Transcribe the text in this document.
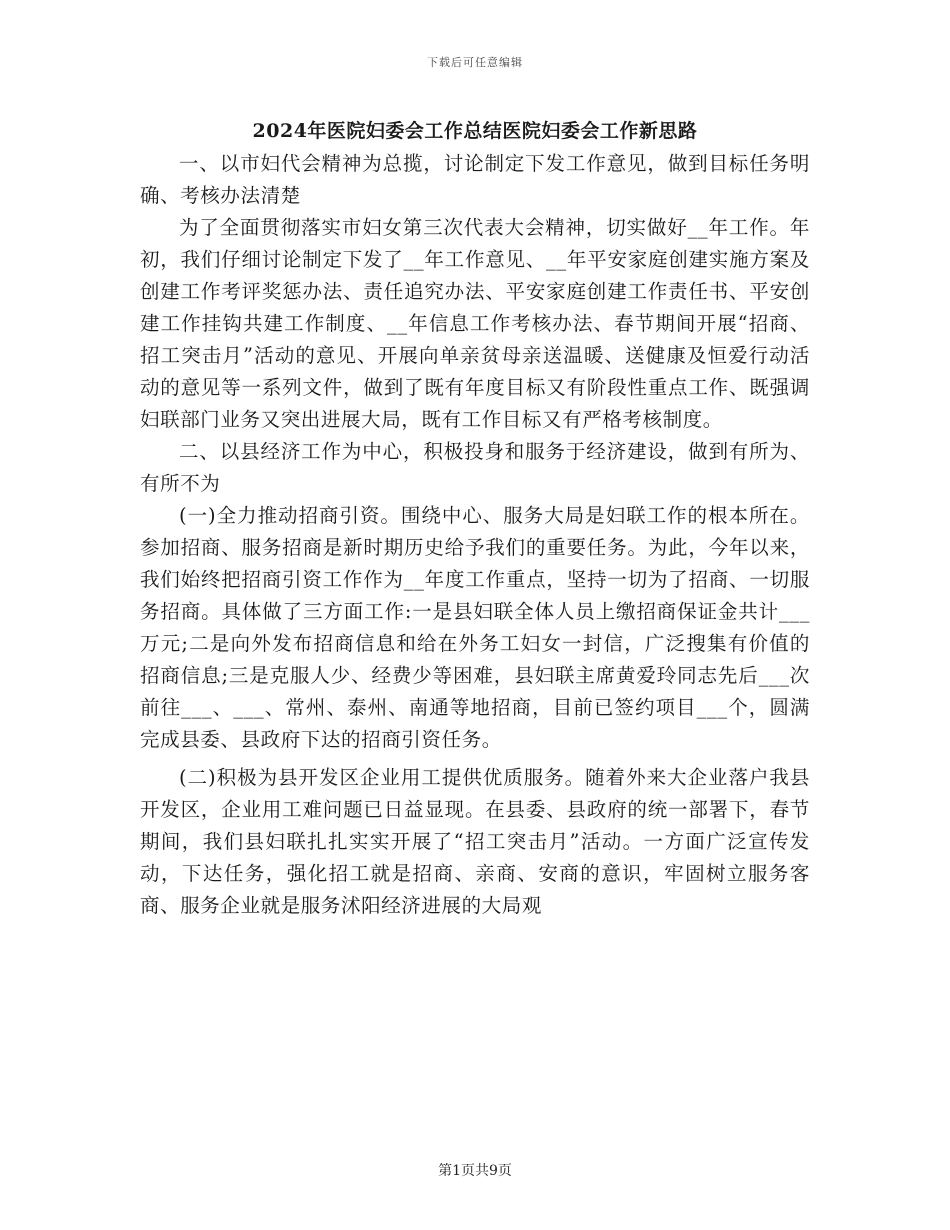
下载后可任意编辑
2024年医院妇委会工作总结医院妇委会工作新思路

一、以市妇代会精神为总揽，讨论制定下发工作意见，做到目标任务明确、考核办法清楚

为了全面贯彻落实市妇女第三次代表大会精神，切实做好__年工作。年初，我们仔细讨论制定下发了__年工作意见、__年平安家庭创建实施方案及创建工作考评奖惩办法、责任追究办法、平安家庭创建工作责任书、平安创建工作挂钩共建工作制度、__年信息工作考核办法、春节期间开展“招商、招工突击月”活动的意见、开展向单亲贫母亲送温暖、送健康及恒爱行动活动的意见等一系列文件，做到了既有年度目标又有阶段性重点工作、既强调妇联部门业务又突出进展大局，既有工作目标又有严格考核制度。

二、以县经济工作为中心，积极投身和服务于经济建设，做到有所为、有所不为

(一)全力推动招商引资。围绕中心、服务大局是妇联工作的根本所在。参加招商、服务招商是新时期历史给予我们的重要任务。为此，今年以来，我们始终把招商引资工作作为__年度工作重点，坚持一切为了招商、一切服务招商。具体做了三方面工作:一是县妇联全体人员上缴招商保证金共计___万元;二是向外发布招商信息和给在外务工妇女一封信，广泛搜集有价值的招商信息;三是克服人少、经费少等困难，县妇联主席黄爱玲同志先后___次前往___、___、常州、泰州、南通等地招商，目前已签约项目___个，圆满完成县委、县政府下达的招商引资任务。

(二)积极为县开发区企业用工提供优质服务。随着外来大企业落户我县开发区，企业用工难问题已日益显现。在县委、县政府的统一部署下，春节期间，我们县妇联扎扎实实开展了“招工突击月”活动。一方面广泛宣传发动，下达任务，强化招工就是招商、亲商、安商的意识，牢固树立服务客商、服务企业就是服务沭阳经济进展的大局观

第1页共9页
